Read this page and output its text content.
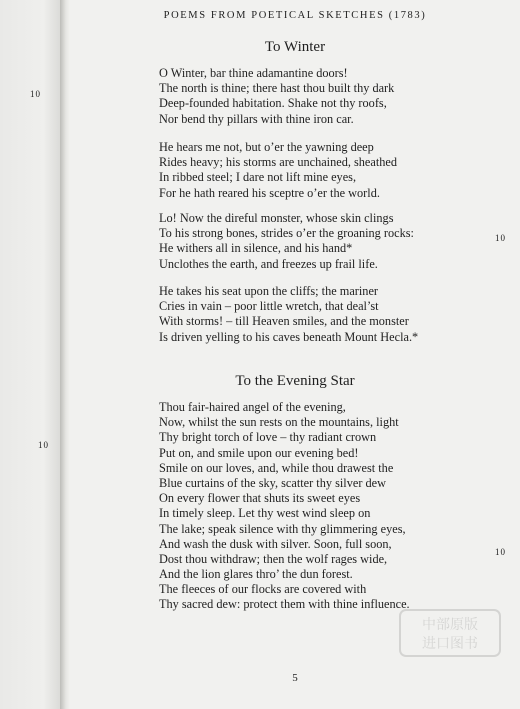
10
10
POEMS FROM POETICAL SKETCHES (1783)
To Winter
O Winter, bar thine adamantine doors!
The north is thine; there hast thou built thy dark
Deep-founded habitation. Shake not thy roofs,
Nor bend thy pillars with thine iron car.
He hears me not, but o’er the yawning deep
Rides heavy; his storms are unchained, sheathed
In ribbed steel; I dare not lift mine eyes,
For he hath reared his sceptre o’er the world.
Lo! Now the direful monster, whose skin clings
To his strong bones, strides o’er the groaning rocks:
He withers all in silence, and his hand*
Unclothes the earth, and freezes up frail life.
10
He takes his seat upon the cliffs; the mariner
Cries in vain – poor little wretch, that deal’st
With storms! – till Heaven smiles, and the monster
Is driven yelling to his caves beneath Mount Hecla.*
To the Evening Star
Thou fair-haired angel of the evening,
Now, whilst the sun rests on the mountains, light
Thy bright torch of love – thy radiant crown
Put on, and smile upon our evening bed!
Smile on our loves, and, while thou drawest the
Blue curtains of the sky, scatter thy silver dew
On every flower that shuts its sweet eyes
In timely sleep. Let thy west wind sleep on
The lake; speak silence with thy glimmering eyes,
And wash the dusk with silver. Soon, full soon,
Dost thou withdraw; then the wolf rages wide,
And the lion glares thro’ the dun forest.
The fleeces of our flocks are covered with
Thy sacred dew: protect them with thine influence.
10
5
中部原版
进口图书
